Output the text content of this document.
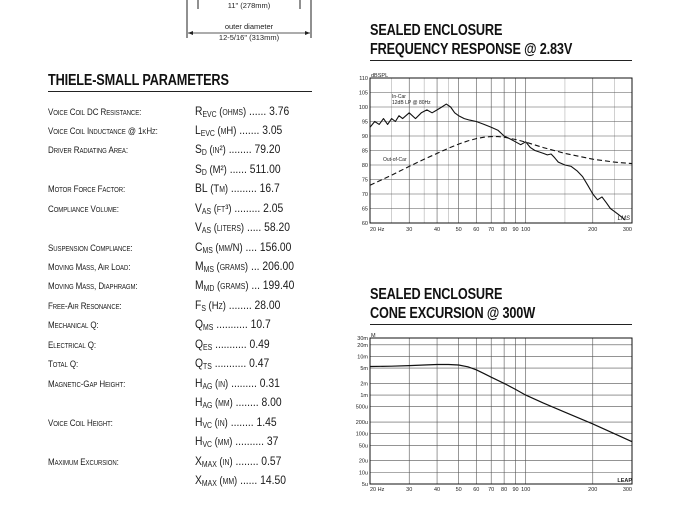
11" (278mm)
outer diameter
12-5/16" (313mm)
THIELE-SMALL PARAMETERS
Voice Coil DC Resistance:	$R_{EVC}$ (ohms) ...... 3.76
Voice Coil Inductance @ 1kHz:	$L_{EVC}$ (mH) ....... 3.05
Driver Radiating Area:	$S_D$ (in²) ........ 79.20
$S_D$ (M²) ...... 511.00
Motor Force Factor:	BL (Tm) ......... 16.7
Compliance Volume:	$V_{AS}$ (ft³) ......... 2.05
$V_{AS}$ (liters) ..... 58.20
Suspension Compliance:	$C_{MS}$ (μm/N) .... 156.00
Moving Mass, Air Load:	$M_{MS}$ (grams) ... 206.00
Moving Mass, Diaphragm:	$M_{MD}$ (grams) ... 199.40
Free-Air Resonance:	$F_S$ (Hz) ........ 28.00
Mechanical Q:	$Q_{MS}$ ........... 10.7
Electrical Q:	$Q_{ES}$ ........... 0.49
Total Q:	$Q_{TS}$ ........... 0.47
Magnetic-Gap Height:	$H_{AG}$ (in) ......... 0.31
$H_{AG}$ (mm) ........ 8.00
Voice Coil Height:	$H_{VC}$ (in) ........ 1.45
$H_{VC}$ (mm) .......... 37
Maximum Excursion:	$X_{MAX}$ (in) ........ 0.57
$X_{MAX}$ (mm) ...... 14.50
SEALED ENCLOSURE
FREQUENCY RESPONSE @ 2.83V
20 Hz	30	40	50 60 70 80 90 100	200	300
60
65
70
75
80
85
90
95
100
105
110 dBSPL
In-Car
12dB LP @ 80Hz
Out-of-Car
LMS
SEALED ENCLOSURE
CONE EXCURSION @ 300W
20 Hz	30	40	50 60 70 80 90 100	200	300
30m
20m
10m
5m
2m
1m
500u
200u
100u
50u
20u
10u
5u
M
LEAP
